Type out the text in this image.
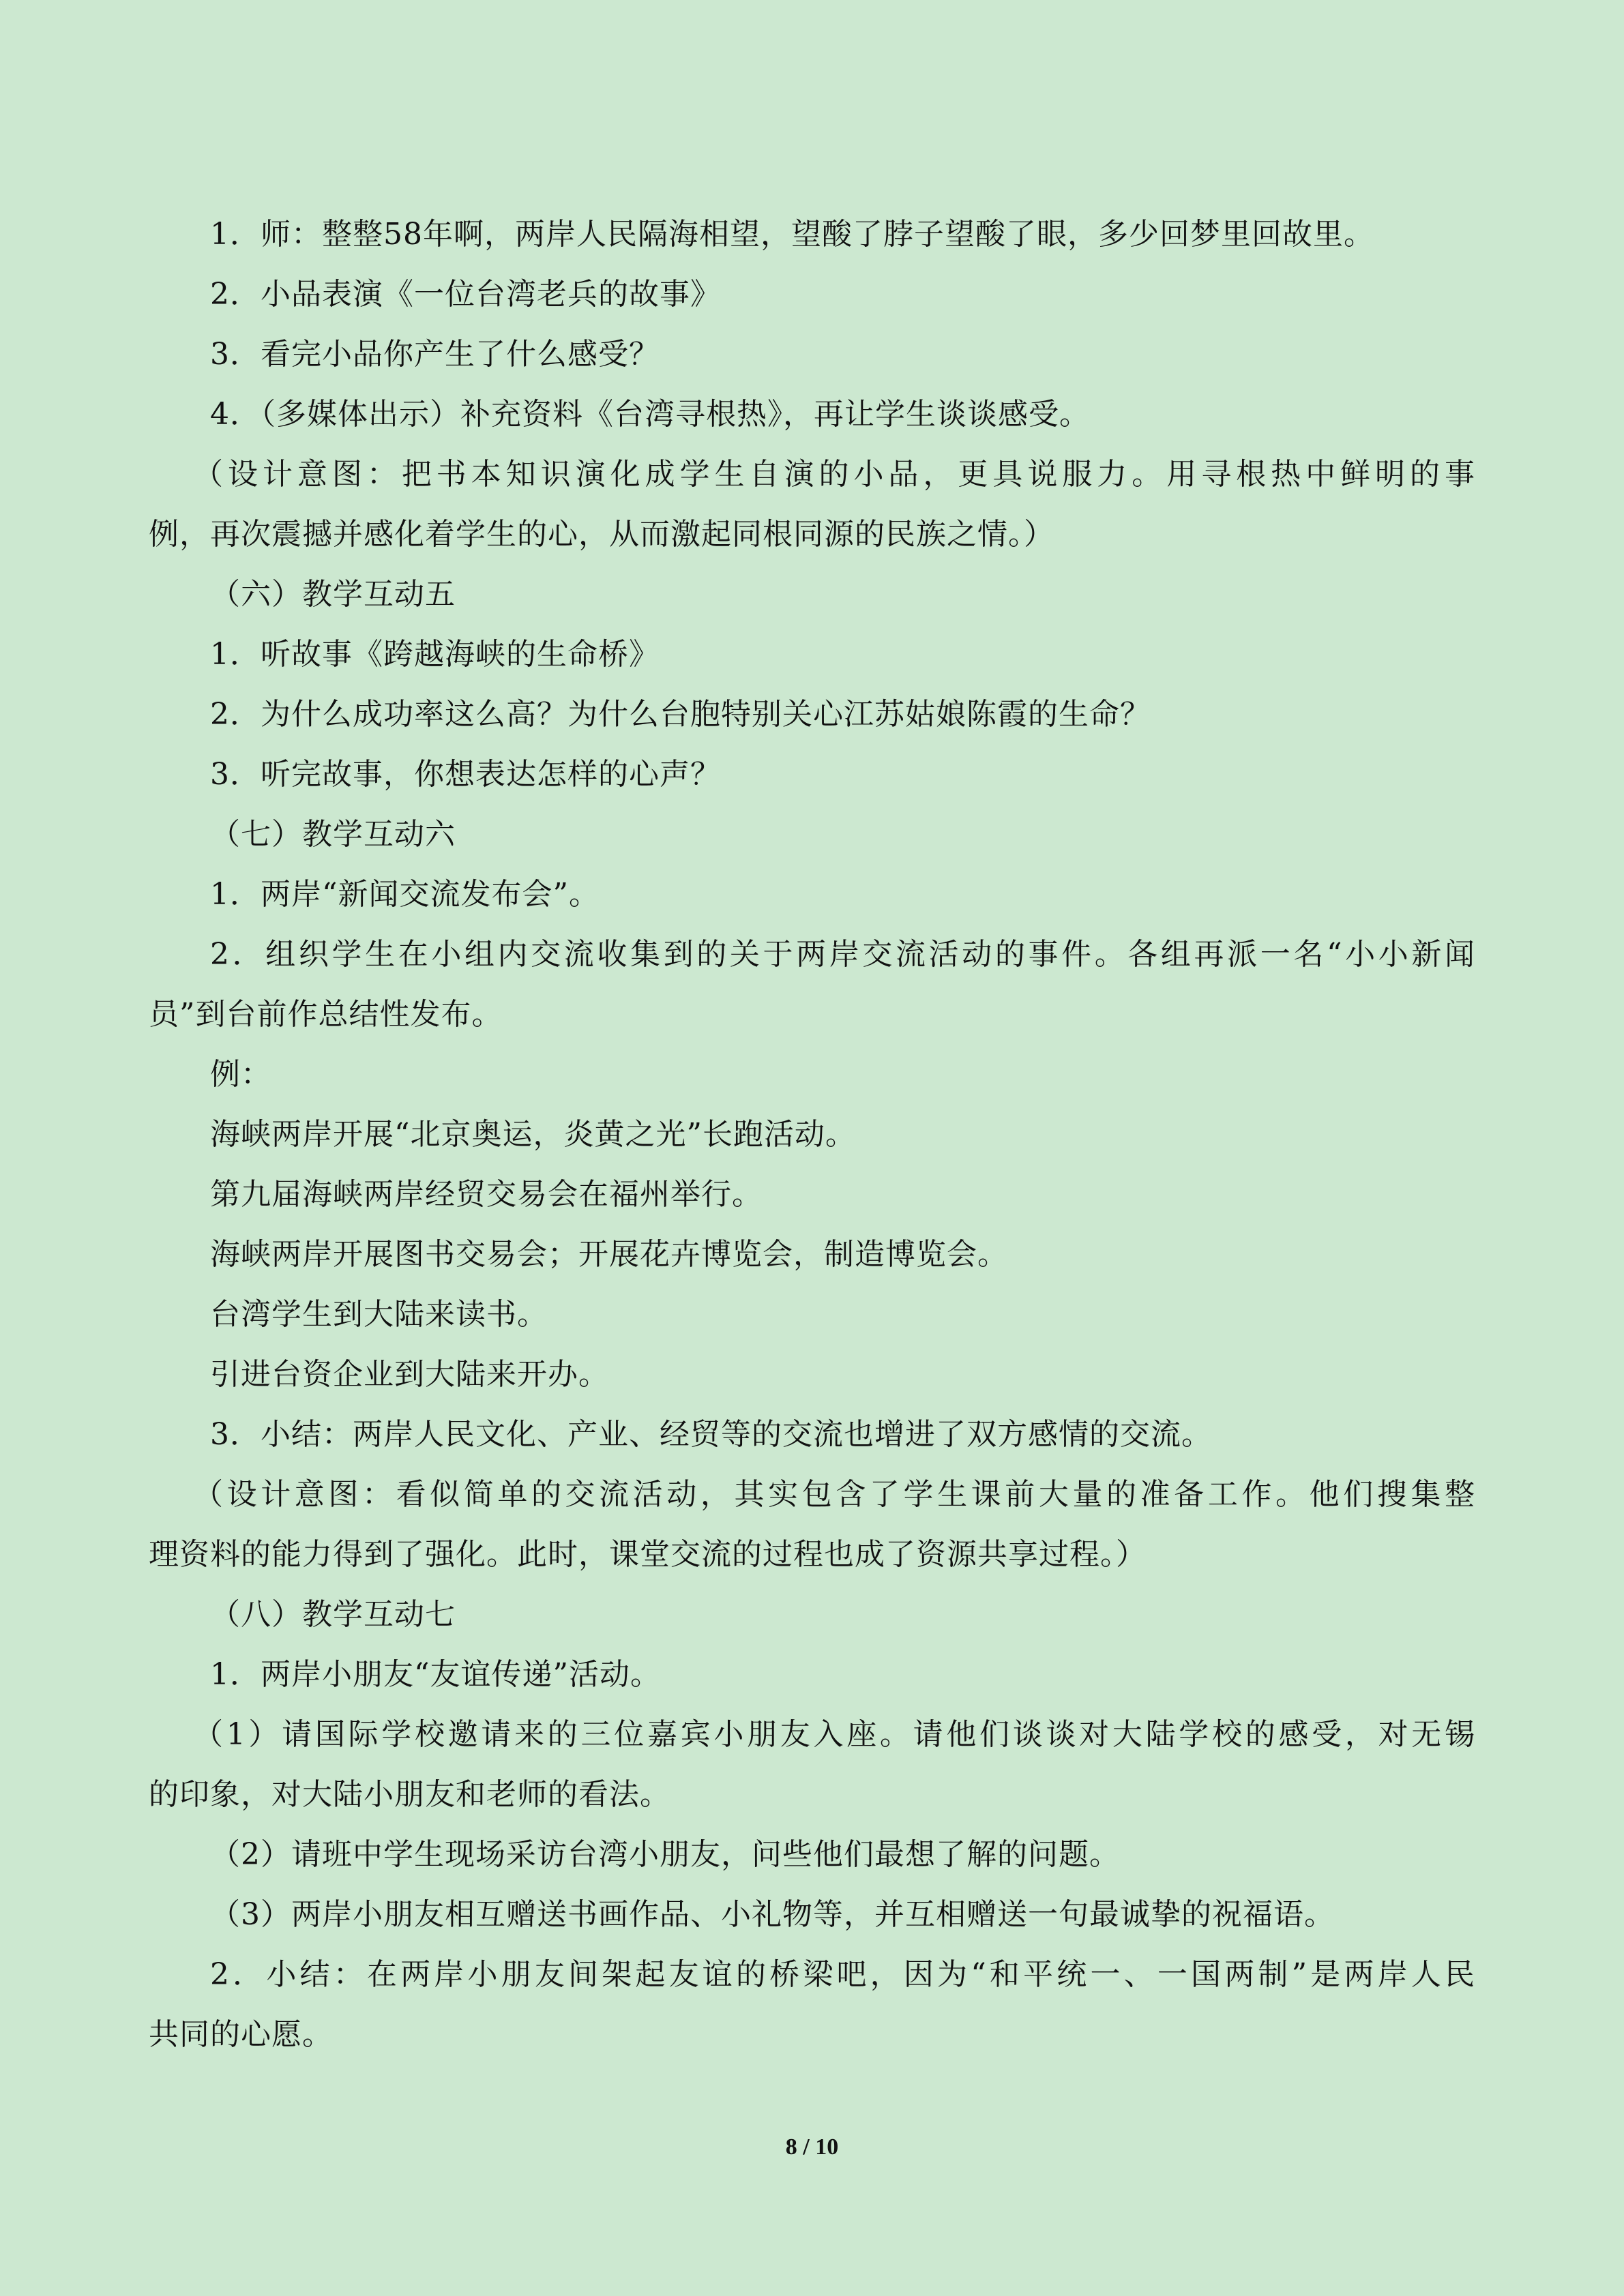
1．师：整整58年啊，两岸人民隔海相望，望酸了脖子望酸了眼，多少回梦里回故里。
2．小品表演《一位台湾老兵的故事》
3．看完小品你产生了什么感受？
4．（多媒体出示）补充资料《台湾寻根热》，再让学生谈谈感受。
（设计意图：把书本知识演化成学生自演的小品，更具说服力。用寻根热中鲜明的事
例，再次震撼并感化着学生的心，从而激起同根同源的民族之情。）
（六）教学互动五
1．听故事《跨越海峡的生命桥》
2．为什么成功率这么高？为什么台胞特别关心江苏姑娘陈霞的生命？
3．听完故事，你想表达怎样的心声？
（七）教学互动六
1．两岸“新闻交流发布会”。
2．组织学生在小组内交流收集到的关于两岸交流活动的事件。各组再派一名“小小新闻
员”到台前作总结性发布。
例：
海峡两岸开展“北京奥运，炎黄之光”长跑活动。
第九届海峡两岸经贸交易会在福州举行。
海峡两岸开展图书交易会；开展花卉博览会，制造博览会。
台湾学生到大陆来读书。
引进台资企业到大陆来开办。
3．小结：两岸人民文化、产业、经贸等的交流也增进了双方感情的交流。
（设计意图：看似简单的交流活动，其实包含了学生课前大量的准备工作。他们搜集整
理资料的能力得到了强化。此时，课堂交流的过程也成了资源共享过程。）
（八）教学互动七
1．两岸小朋友“友谊传递”活动。
（1）请国际学校邀请来的三位嘉宾小朋友入座。请他们谈谈对大陆学校的感受，对无锡
的印象，对大陆小朋友和老师的看法。
（2）请班中学生现场采访台湾小朋友，问些他们最想了解的问题。
（3）两岸小朋友相互赠送书画作品、小礼物等，并互相赠送一句最诚挚的祝福语。
2．小结：在两岸小朋友间架起友谊的桥梁吧，因为“和平统一、一国两制”是两岸人民
共同的心愿。
8 / 10
